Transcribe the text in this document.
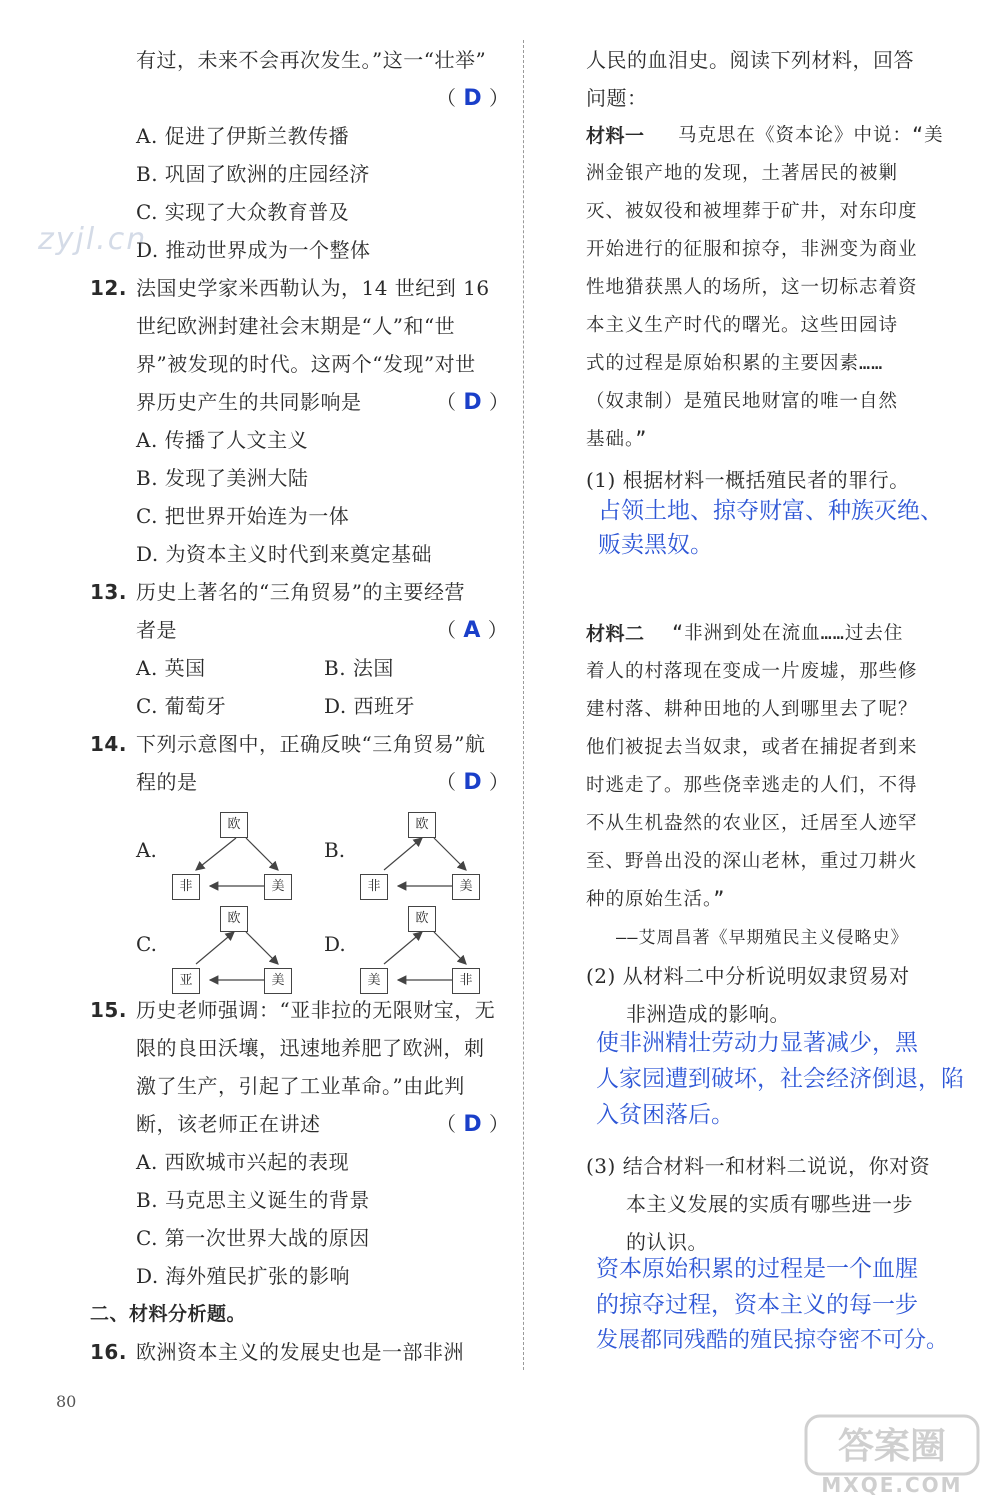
zyjl.cn
有过，未来不会再次发生。”这一“壮举”
（ D ）
A. 促进了伊斯兰教传播
B. 巩固了欧洲的庄园经济
C. 实现了大众教育普及
D. 推动世界成为一个整体
12. 法国史学家米西勒认为，14 世纪到 16
世纪欧洲封建社会末期是“人”和“世
界”被发现的时代。这两个“发现”对世
界历史产生的共同影响是	（ D ）
A. 传播了人文主义
B. 发现了美洲大陆
C. 把世界开始连为一体
D. 为资本主义时代到来奠定基础
13. 历史上著名的“三角贸易”的主要经营
者是	（ A ）
A. 英国	B. 法国
C. 葡萄牙	D. 西班牙
14. 下列示意图中，正确反映“三角贸易”航
程的是	（ D ）
A.
欧
非	美
B.
欧
非	美
C.
欧
亚	美
D.
欧
美	非
15. 历史老师强调：“亚非拉的无限财宝，无
限的良田沃壤，迅速地养肥了欧洲，刺
激了生产，引起了工业革命。”由此判
断，该老师正在讲述	（ D ）
A. 西欧城市兴起的表现
B. 马克思主义诞生的背景
C. 第一次世界大战的原因
D. 海外殖民扩张的影响
二、材料分析题。
16. 欧洲资本主义的发展史也是一部非洲
人民的血泪史。阅读下列材料，回答
问题：
材料一 马克思在《资本论》中说：“美
洲金银产地的发现，土著居民的被剿
灭、被奴役和被埋葬于矿井，对东印度
开始进行的征服和掠夺，非洲变为商业
性地猎获黑人的场所，这一切标志着资
本主义生产时代的曙光。这些田园诗
式的过程是原始积累的主要因素……
（奴隶制）是殖民地财富的唯一自然
基础。”
(1) 根据材料一概括殖民者的罪行。
占领土地、掠夺财富、种族灭绝、
贩卖黑奴。
材料二 “非洲到处在流血……过去住
着人的村落现在变成一片废墟，那些修
建村落、耕种田地的人到哪里去了呢？
他们被捉去当奴隶，或者在捕捉者到来
时逃走了。那些侥幸逃走的人们，不得
不从生机盎然的农业区，迁居至人迹罕
至、野兽出没的深山老林，重过刀耕火
种的原始生活。”
——艾周昌著《早期殖民主义侵略史》
(2) 从材料二中分析说明奴隶贸易对
非洲造成的影响。
使非洲精壮劳动力显著减少，黑
人家园遭到破坏，社会经济倒退，陷
入贫困落后。
(3) 结合材料一和材料二说说，你对资
本主义发展的实质有哪些进一步
的认识。
资本原始积累的过程是一个血腥
的掠夺过程，资本主义的每一步
发展都同残酷的殖民掠夺密不可分。
80
答案圈
MXQE.COM
